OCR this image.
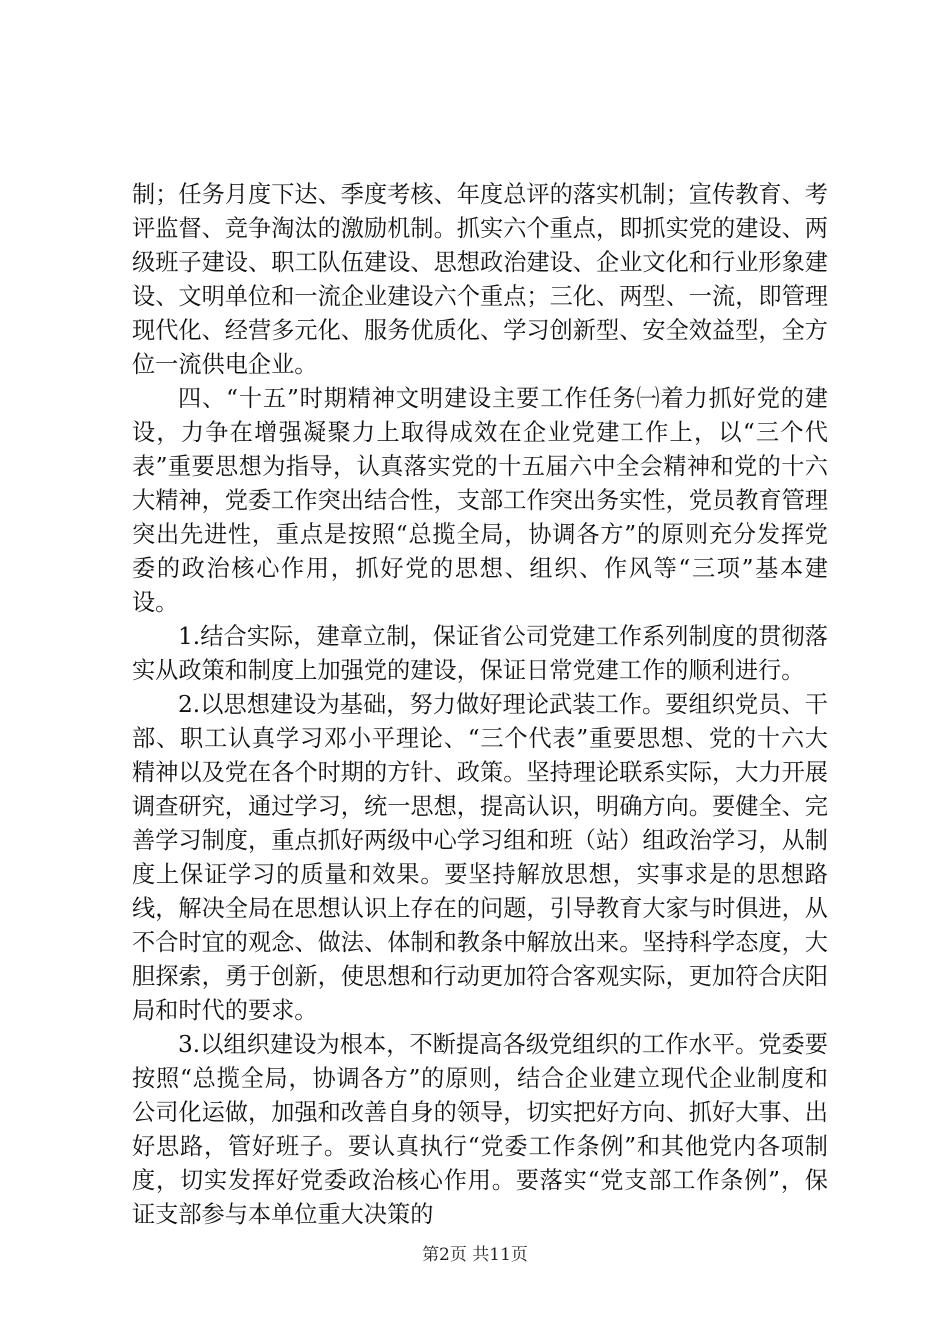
制；任务月度下达、季度考核、年度总评的落实机制；宣传教育、考评监督、竞争淘汰的激励机制。抓实六个重点，即抓实党的建设、两级班子建设、职工队伍建设、思想政治建设、企业文化和行业形象建设、文明单位和一流企业建设六个重点；三化、两型、一流，即管理现代化、经营多元化、服务优质化、学习创新型、安全效益型，全方位一流供电企业。

四、“十五”时期精神文明建设主要工作任务㈠着力抓好党的建设，力争在增强凝聚力上取得成效在企业党建工作上，以“三个代表”重要思想为指导，认真落实党的十五届六中全会精神和党的十六大精神，党委工作突出结合性，支部工作突出务实性，党员教育管理突出先进性，重点是按照“总揽全局，协调各方”的原则充分发挥党委的政治核心作用，抓好党的思想、组织、作风等“三项”基本建设。

1.结合实际，建章立制，保证省公司党建工作系列制度的贯彻落实从政策和制度上加强党的建设，保证日常党建工作的顺利进行。

2.以思想建设为基础，努力做好理论武装工作。要组织党员、干部、职工认真学习邓小平理论、“三个代表”重要思想、党的十六大精神以及党在各个时期的方针、政策。坚持理论联系实际，大力开展调查研究，通过学习，统一思想，提高认识，明确方向。要健全、完善学习制度，重点抓好两级中心学习组和班（站）组政治学习，从制度上保证学习的质量和效果。要坚持解放思想，实事求是的思想路线，解决全局在思想认识上存在的问题，引导教育大家与时俱进，从不合时宜的观念、做法、体制和教条中解放出来。坚持科学态度，大胆探索，勇于创新，使思想和行动更加符合客观实际，更加符合庆阳局和时代的要求。

3.以组织建设为根本，不断提高各级党组织的工作水平。党委要按照“总揽全局，协调各方”的原则，结合企业建立现代企业制度和公司化运做，加强和改善自身的领导，切实把好方向、抓好大事、出好思路，管好班子。要认真执行“党委工作条例”和其他党内各项制度，切实发挥好党委政治核心作用。要落实“党支部工作条例”，保证支部参与本单位重大决策的

第2页 共11页
